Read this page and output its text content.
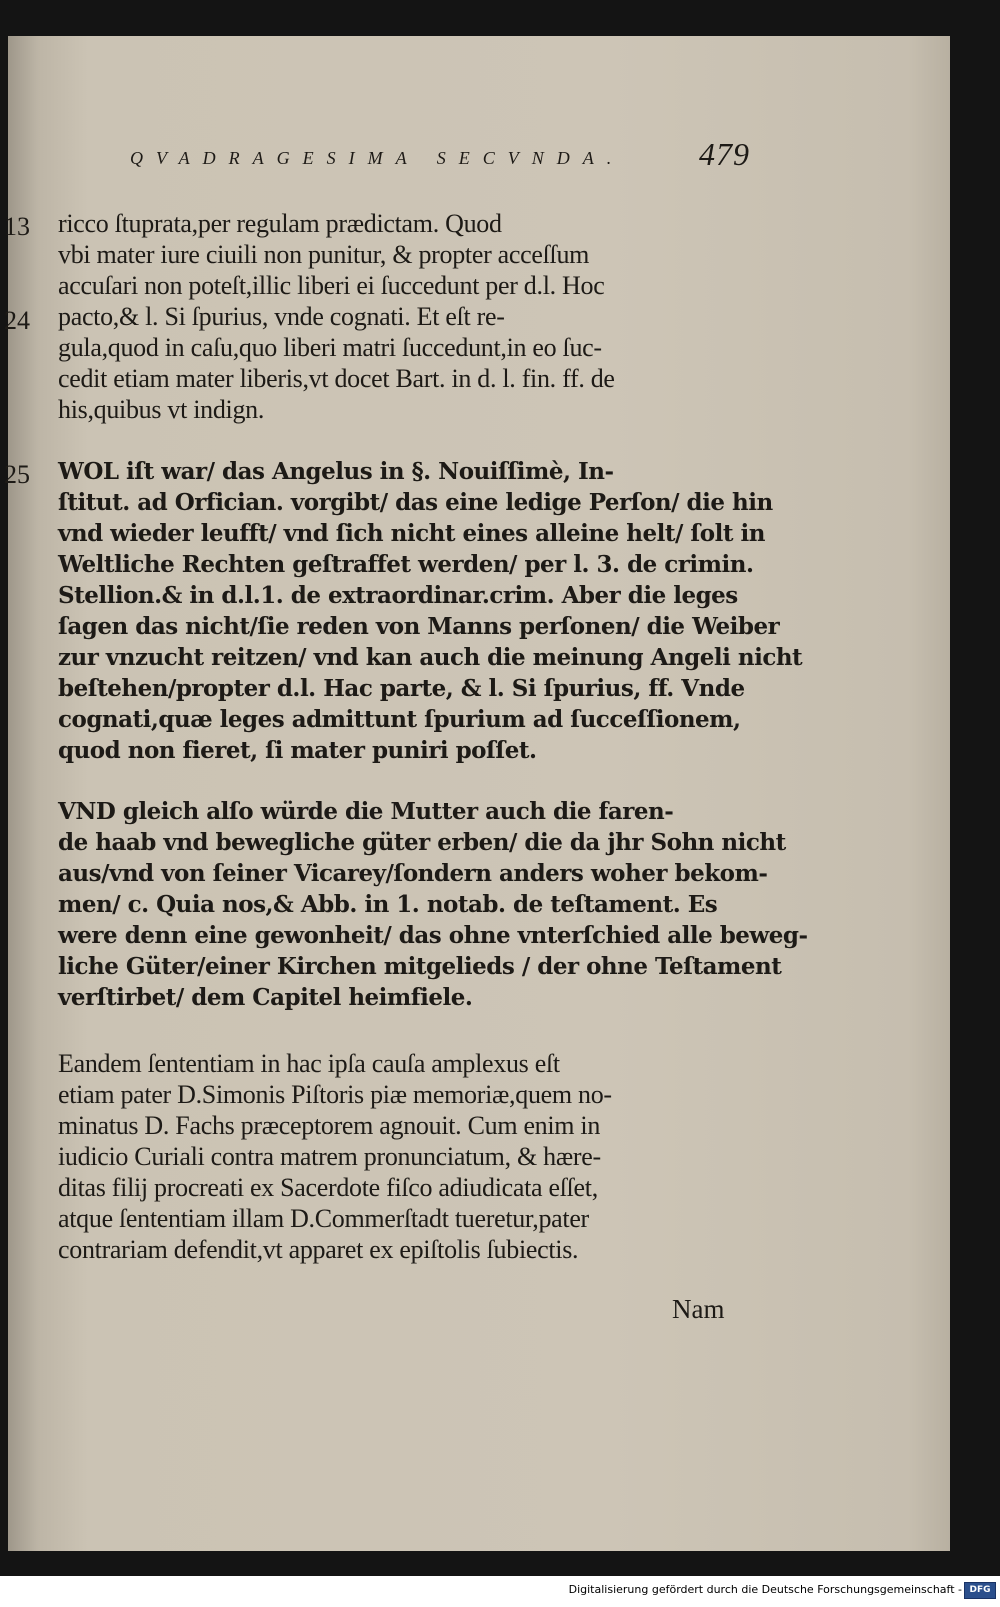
QVADRAGESIMA SECVNDA. 479
13
24
25
ricco ſtuprata,per regulam prædictam. Quod
vbi mater iure ciuili non punitur, & propter acceſſum
accuſari non poteſt,illic liberi ei ſuccedunt per d.l. Hoc
pacto,& l. Si ſpurius, vnde cognati. Et eſt re-
gula,quod in caſu,quo liberi matri ſuccedunt,in eo ſuc-
cedit etiam mater liberis,vt docet Bart. in d. l. fin. ff. de
his,quibus vt indign.
WOL iſt war/ das Angelus in §. Nouiſſimè, In-
ſtitut. ad Orfician. vorgibt/ das eine ledige Perſon/ die hin
vnd wieder leufft/ vnd ſich nicht eines alleine helt/ ſolt in
Weltliche Rechten geſtraffet werden/ per l. 3. de crimin.
Stellion.& in d.l.1. de extraordinar.crim. Aber die leges
ſagen das nicht/ſie reden von Manns perſonen/ die Weiber
zur vnzucht reitzen/ vnd kan auch die meinung Angeli nicht
beſtehen/propter d.l. Hac parte, & l. Si ſpurius, ff. Vnde
cognati,quæ leges admittunt ſpurium ad ſucceſſionem,
quod non fieret, ſi mater puniri poſſet.
VND gleich alſo würde die Mutter auch die faren-
de haab vnd bewegliche güter erben/ die da jhr Sohn nicht
aus/vnd von ſeiner Vicarey/ſondern anders woher bekom-
men/ c. Quia nos,& Abb. in 1. notab. de teſtament. Es
were denn eine gewonheit/ das ohne vnterſchied alle beweg-
liche Güter/einer Kirchen mitgelieds / der ohne Teſtament
verſtirbet/ dem Capitel heimfiele.
Eandem ſententiam in hac ipſa cauſa amplexus eſt
etiam pater D.Simonis Piſtoris piæ memoriæ,quem no-
minatus D. Fachs præceptorem agnouit. Cum enim in
iudicio Curiali contra matrem pronunciatum, & hære-
ditas filij procreati ex Sacerdote fiſco adiudicata eſſet,
atque ſententiam illam D.Commerſtadt tueretur,pater
contrariam defendit,vt apparet ex epiſtolis ſubiectis.
Nam
Digitalisierung gefördert durch die Deutsche Forschungsgemeinschaft - DFG
